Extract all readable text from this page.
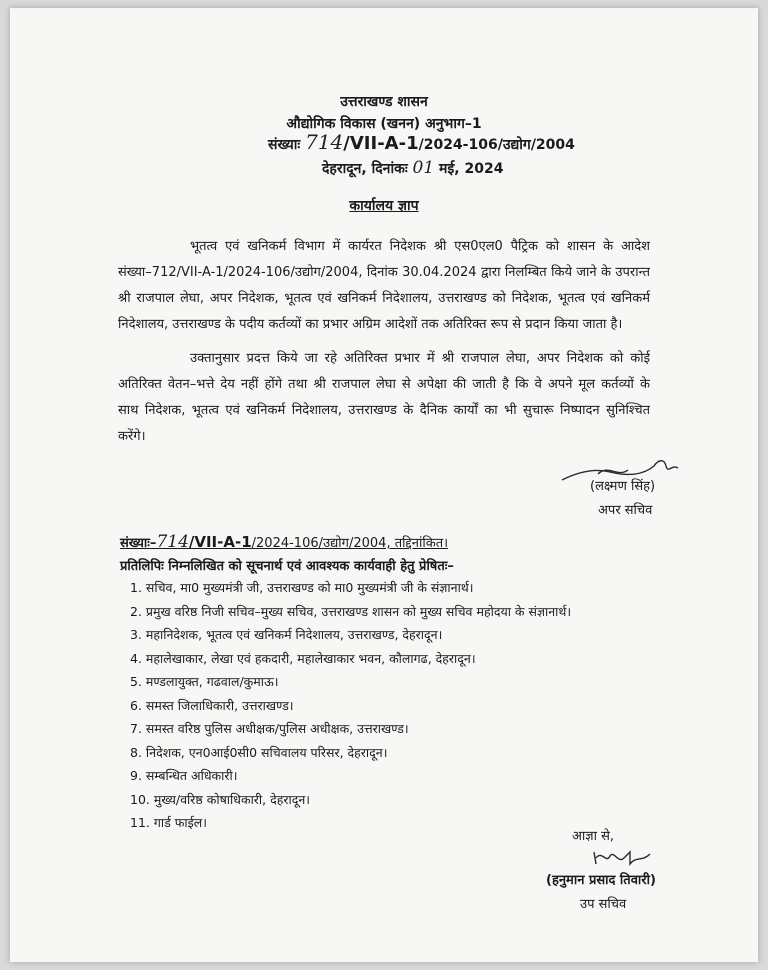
उत्तराखण्ड शासन
औद्योगिक विकास (खनन) अनुभाग–1
संख्याः 714/VII-A-1/2024-106/उद्योग/2004
देहरादून, दिनांकः 01 मई, 2024
कार्यालय ज्ञाप
भूतत्व एवं खनिकर्म विभाग में कार्यरत निदेशक श्री एस0एल0 पैट्रिक को शासन के आदेश
संख्या–712/VII-A-1/2024-106/उद्योग/2004, दिनांक 30.04.2024 द्वारा निलम्बित किये जाने के उपरान्त
श्री राजपाल लेघा, अपर निदेशक, भूतत्व एवं खनिकर्म निदेशालय, उत्तराखण्ड को निदेशक, भूतत्व एवं खनिकर्म
निदेशालय, उत्तराखण्ड के पदीय कर्तव्यों का प्रभार अग्रिम आदेशों तक अतिरिक्त रूप से प्रदान किया जाता है।
उक्तानुसार प्रदत्त किये जा रहे अतिरिक्त प्रभार में श्री राजपाल लेघा, अपर निदेशक को कोई
अतिरिक्त वेतन–भत्ते देय नहीं होंगे तथा श्री राजपाल लेघा से अपेक्षा की जाती है कि वे अपने मूल कर्तव्यों के
साथ निदेशक, भूतत्व एवं खनिकर्म निदेशालय, उत्तराखण्ड के दैनिक कार्यों का भी सुचारू निष्पादन सुनिश्चित
करेंगे।
(लक्ष्मण सिंह)
अपर सचिव
संख्याः–714/VII-A-1/2024-106/उद्योग/2004, तद्दिनांकित।
प्रतिलिपिः निम्नलिखित को सूचनार्थ एवं आवश्यक कार्यवाही हेतु प्रेषितः–
1. सचिव, मा0 मुख्यमंत्री जी, उत्तराखण्ड को मा0 मुख्यमंत्री जी के संज्ञानार्थ।
2. प्रमुख वरिष्ठ निजी सचिव–मुख्य सचिव, उत्तराखण्ड शासन को मुख्य सचिव महोदया के संज्ञानार्थ।
3. महानिदेशक, भूतत्व एवं खनिकर्म निदेशालय, उत्तराखण्ड, देहरादून।
4. महालेखाकार, लेखा एवं हकदारी, महालेखाकार भवन, कौलागढ, देहरादून।
5. मण्डलायुक्त, गढवाल/कुमाऊ।
6. समस्त जिलाधिकारी, उत्तराखण्ड।
7. समस्त वरिष्ठ पुलिस अधीक्षक/पुलिस अधीक्षक, उत्तराखण्ड।
8. निदेशक, एन0आई0सी0 सचिवालय परिसर, देहरादून।
9. सम्बन्धित अधिकारी।
10. मुख्य/वरिष्ठ कोषाधिकारी, देहरादून।
11. गार्ड फाईल।
आज्ञा से,
(हनुमान प्रसाद तिवारी)
उप सचिव
